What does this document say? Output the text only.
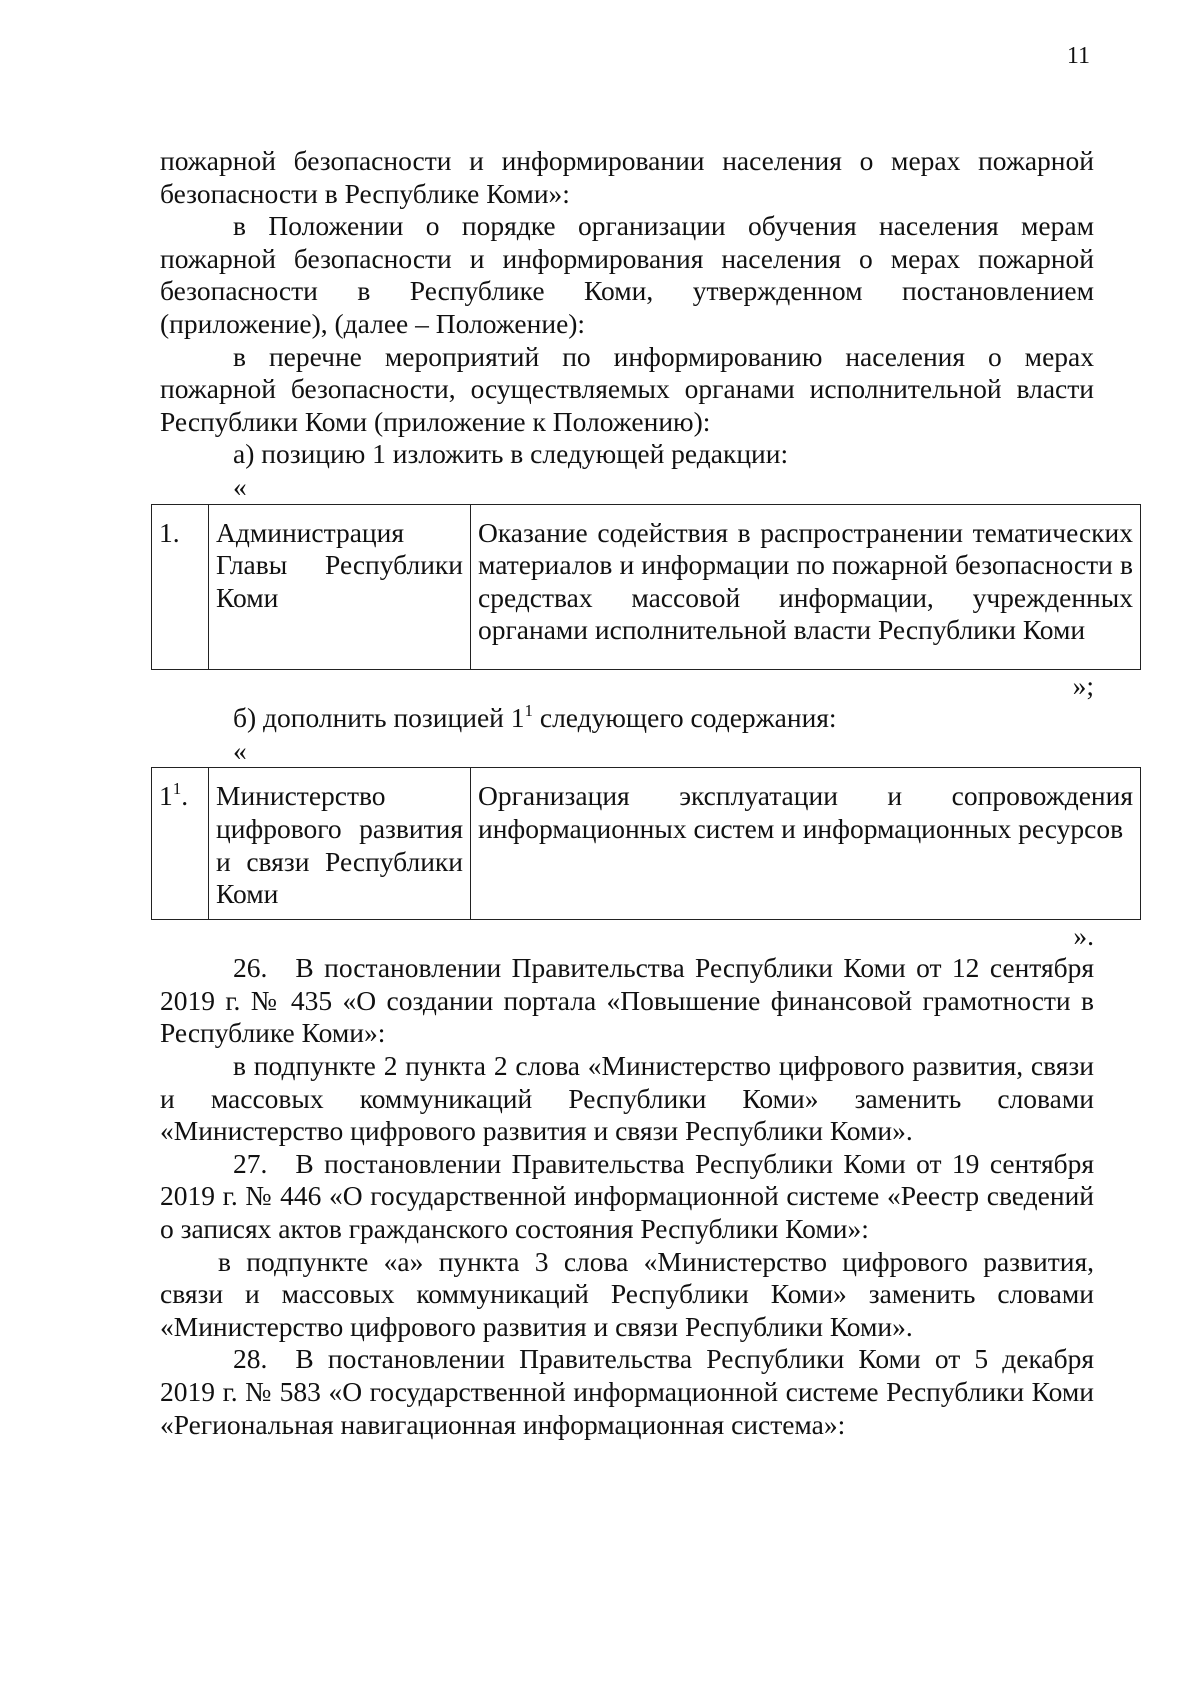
11

пожарной безопасности и информировании населения о мерах пожарной безопасности в Республике Коми»:

в Положении о порядке организации обучения населения мерам пожарной безопасности и информирования населения о мерах пожарной безопасности в Республике Коми, утвержденном постановлением (приложение), (далее – Положение):

в перечне мероприятий по информированию населения о мерах пожарной безопасности, осуществляемых органами исполнительной власти Республики Коми (приложение к Положению):

а) позицию 1 изложить в следующей редакции:

«

1.	Администрация Главы Республики Коми	Оказание содействия в распространении тематических материалов и информации по пожарной безопасности в средствах массовой информации, учрежденных органами исполнительной власти Республики Коми

»;

б) дополнить позицией $1^1$ следующего содержания:

«

$1^1$.	Министерство цифрового развития и связи Республики Коми	Организация эксплуатации и сопровождения информационных систем и информационных ресурсов

».

26. В постановлении Правительства Республики Коми от 12 сентября 2019 г. № 435 «О создании портала «Повышение финансовой грамотности в Республике Коми»:

в подпункте 2 пункта 2 слова «Министерство цифрового развития, связи и массовых коммуникаций Республики Коми» заменить словами «Министерство цифрового развития и связи Республики Коми».

27. В постановлении Правительства Республики Коми от 19 сентября 2019 г. № 446 «О государственной информационной системе «Реестр сведений о записях актов гражданского состояния Республики Коми»:

в подпункте «а» пункта 3 слова «Министерство цифрового развития, связи и массовых коммуникаций Республики Коми» заменить словами «Министерство цифрового развития и связи Республики Коми».

28. В постановлении Правительства Республики Коми от 5 декабря 2019 г. № 583 «О государственной информационной системе Республики Коми «Региональная навигационная информационная система»:
